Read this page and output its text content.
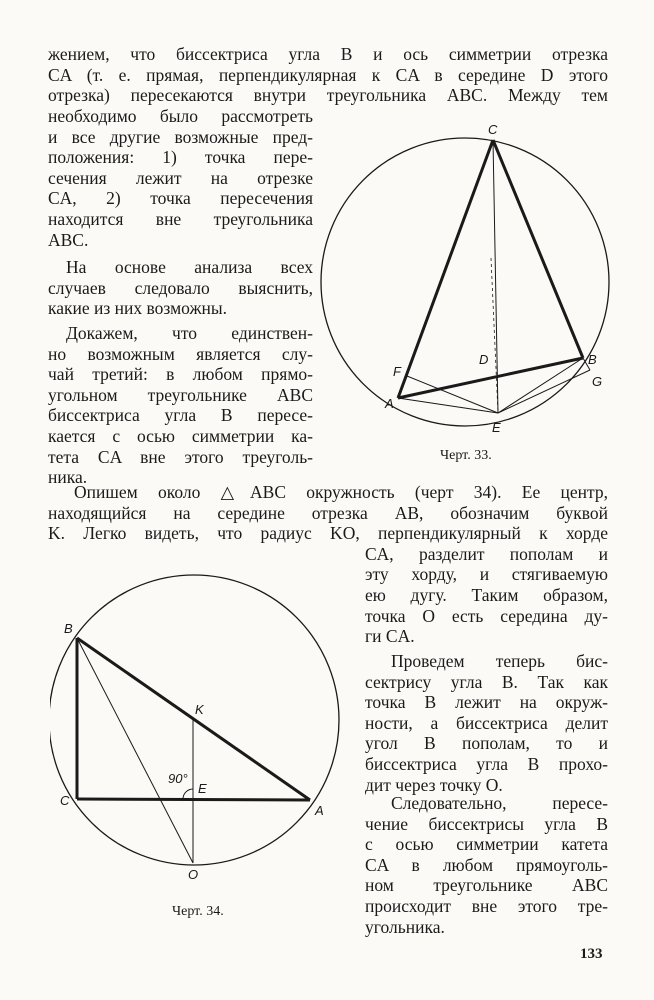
жением, что биссектриса угла B и ось симметрии отрезка
CA (т. е. прямая, перпендикулярная к CA в середине D этого
отрезка) пересекаются внутри треугольника ABC. Между тем
необходимо было рассмотреть
и все другие возможные пред-
положения: 1) точка пере-
сечения лежит на отрезке
CA, 2) точка пересечения
находится вне треугольника
ABC.
На основе анализа всех
случаев следовало выяснить,
какие из них возможны.
Докажем, что единствен-
но возможным является слу-
чай третий: в любом прямо-
угольном треугольнике ABC
биссектриса угла B пересе-
кается с осью симметрии ка-
тета CA вне этого треуголь-
ника.
C
B
A
F
D
G
E
Черт. 33.
Опишем около △ABC окружность (черт 34). Ее центр,
находящийся на середине отрезка AB, обозначим буквой
K. Легко видеть, что радиус KO, перпендикулярный к хорде
CA, разделит пополам и
эту хорду, и стягиваемую
ею дугу. Таким образом,
точка O есть середина ду-
ги CA.
Проведем теперь бис-
сектрису угла B. Так как
точка B лежит на окруж-
ности, а биссектриса делит
угол B пополам, то и
биссектриса угла B прохо-
дит через точку O.
Следовательно, пересе-
чение биссектрисы угла B
с осью симметрии катета
CA в любом прямоуголь-
ном треугольнике ABC
происходит вне этого тре-
угольника.
B
K
90°
C
E
A
O
Черт. 34.
133
